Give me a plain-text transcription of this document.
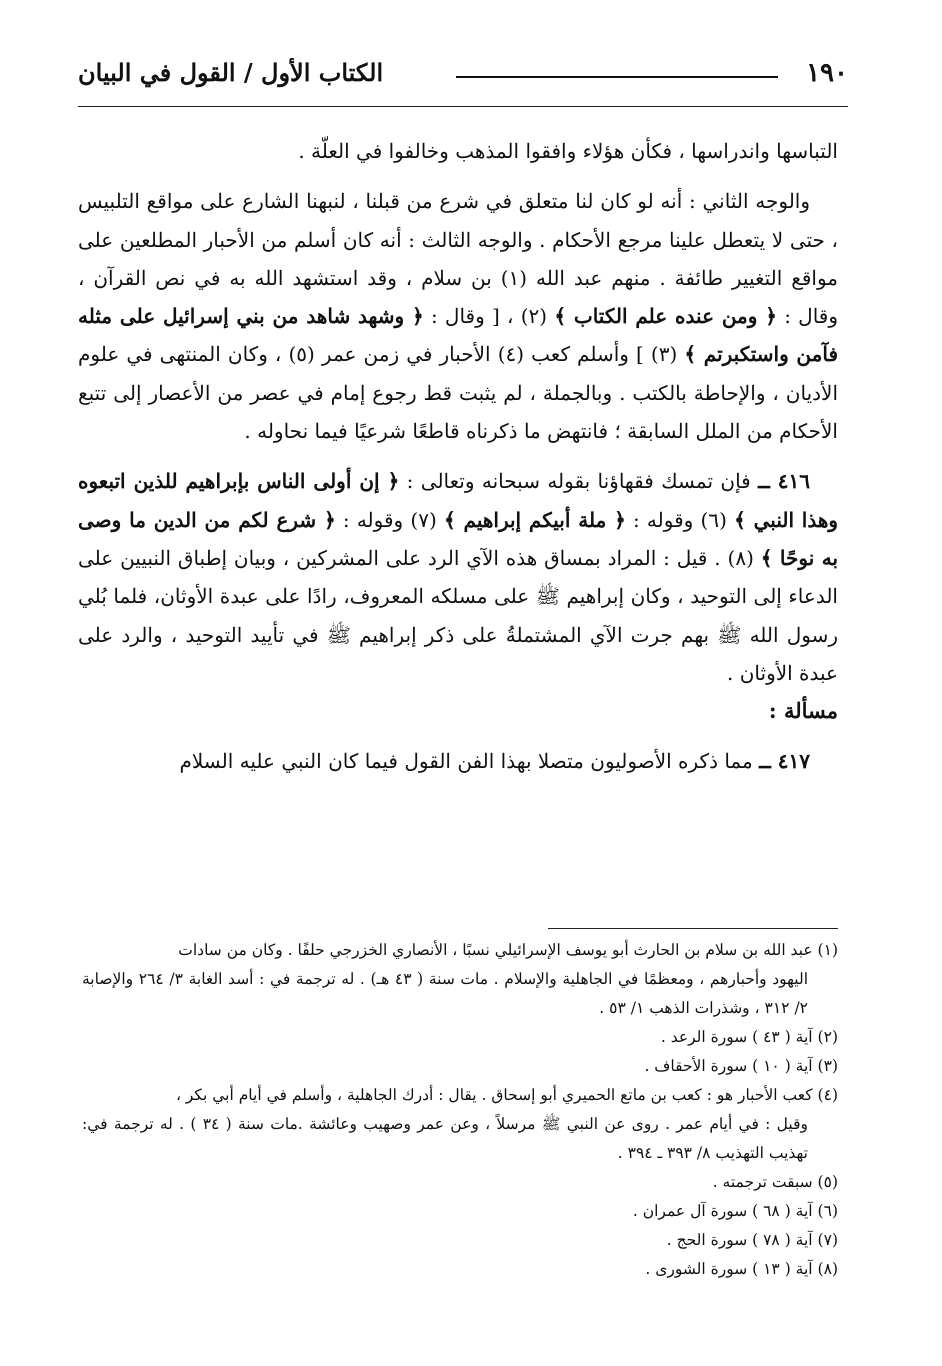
١٩٠
الكتاب الأول / القول في البيان

التباسها واندراسها ، فكأن هؤلاء وافقوا المذهب وخالفوا في العلّة .

والوجه الثاني : أنه لو كان لنا متعلق في شرع من قبلنا ، لنبهنا الشارع على مواقع التلبيس ، حتى لا يتعطل علينا مرجع الأحكام . والوجه الثالث : أنه كان أسلم من الأحبار المطلعين على مواقع التغيير طائفة . منهم عبد الله (١) بن سلام ، وقد استشهد الله به في نص القرآن ، وقال : ﴿ ومن عنده علم الكتاب ﴾ (٢) ، [ وقال : ﴿ وشهد شاهد من بني إسرائيل على مثله فآمن واستكبرتم ﴾ (٣) ] وأسلم كعب (٤) الأحبار في زمن عمر (٥) ، وكان المنتهى في علوم الأديان ، والإحاطة بالكتب . وبالجملة ، لم يثبت قط رجوع إمام في عصر من الأعصار إلى تتبع الأحكام من الملل السابقة ؛ فانتهض ما ذكرناه قاطعًا شرعيًا فيما نحاوله .

٤١٦ ــ فإن تمسك فقهاؤنا بقوله سبحانه وتعالى : ﴿ إن أولى الناس بإبراهيم للذين اتبعوه وهذا النبي ﴾ (٦) وقوله : ﴿ ملة أبيكم إبراهيم ﴾ (٧) وقوله : ﴿ شرع لكم من الدين ما وصى به نوحًا ﴾ (٨) . قيل : المراد بمساق هذه الآي الرد على المشركين ، وبيان إطباق النبيين على الدعاء إلى التوحيد ، وكان إبراهيم ﷺ على مسلكه المعروف، رادًا على عبدة الأوثان، فلما بُلي رسول الله ﷺ بهم جرت الآي المشتملةُ على ذكر إبراهيم ﷺ في تأييد التوحيد ، والرد على عبدة الأوثان .

مسألة :

٤١٧ ــ مما ذكره الأصوليون متصلا بهذا الفن القول فيما كان النبي عليه السلام

(١) عبد الله بن سلام بن الحارث أبو يوسف الإسرائيلي نسبًا ، الأنصاري الخزرجي حلفًا . وكان من سادات
اليهود وأحبارهم ، ومعظمًا في الجاهلية والإسلام . مات سنة ( ٤٣ هـ) . له ترجمة في : أسد الغابة ٣/ ٢٦٤ والإصابة ٢/ ٣١٢ ، وشذرات الذهب ١/ ٥٣ .

(٢) آية ( ٤٣ ) سورة الرعد .

(٣) آية ( ١٠ ) سورة الأحقاف .

(٤) كعب الأحبار هو : كعب بن ماتع الحميري أبو إسحاق . يقال : أدرك الجاهلية ، وأسلم في أيام أبي بكر ،
وقيل : في أيام عمر . روى عن النبي ﷺ مرسلاً ، وعن عمر وصهيب وعائشة .مات سنة ( ٣٤ ) . له ترجمة في: تهذيب التهذيب ٨/ ٣٩٣ ـ ٣٩٤ .

(٥) سبقت ترجمته .

(٦) آية ( ٦٨ ) سورة آل عمران .

(٧) آية ( ٧٨ ) سورة الحج .

(٨) آية ( ١٣ ) سورة الشورى .
